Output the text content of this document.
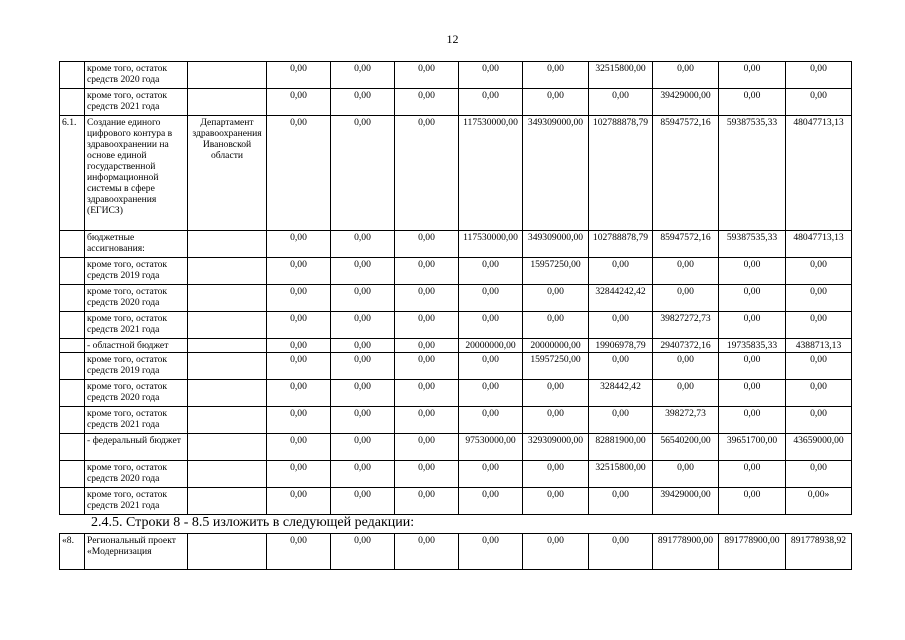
12
	кроме того, остаток средств 2020 года		0,00	0,00	0,00	0,00	0,00	32515800,00	0,00	0,00	0,00
	кроме того, остаток средств 2021 года		0,00	0,00	0,00	0,00	0,00	0,00	39429000,00	0,00	0,00
6.1.	Создание единого цифрового контура в здравоохранении на основе единой государственной информационной системы в сфере здравоохранения (ЕГИСЗ)	Департамент здравоохранения Ивановской области	0,00	0,00	0,00	117530000,00	349309000,00	102788878,79	85947572,16	59387535,33	48047713,13
	бюджетные ассигнования:		0,00	0,00	0,00	117530000,00	349309000,00	102788878,79	85947572,16	59387535,33	48047713,13
	кроме того, остаток средств 2019 года		0,00	0,00	0,00	0,00	15957250,00	0,00	0,00	0,00	0,00
	кроме того, остаток средств 2020 года		0,00	0,00	0,00	0,00	0,00	32844242,42	0,00	0,00	0,00
	кроме того, остаток средств 2021 года		0,00	0,00	0,00	0,00	0,00	0,00	39827272,73	0,00	0,00
	- областной бюджет		0,00	0,00	0,00	20000000,00	20000000,00	19906978,79	29407372,16	19735835,33	4388713,13
	кроме того, остаток средств 2019 года		0,00	0,00	0,00	0,00	15957250,00	0,00	0,00	0,00	0,00
	кроме того, остаток средств 2020 года		0,00	0,00	0,00	0,00	0,00	328442,42	0,00	0,00	0,00
	кроме того, остаток средств 2021 года		0,00	0,00	0,00	0,00	0,00	0,00	398272,73	0,00	0,00
	- федеральный бюджет		0,00	0,00	0,00	97530000,00	329309000,00	82881900,00	56540200,00	39651700,00	43659000,00
	кроме того, остаток средств 2020 года		0,00	0,00	0,00	0,00	0,00	32515800,00	0,00	0,00	0,00
	кроме того, остаток средств 2021 года		0,00	0,00	0,00	0,00	0,00	0,00	39429000,00	0,00	0,00»
2.4.5. Строки 8 - 8.5 изложить в следующей редакции:
«8.	Региональный проект «Модернизация		0,00	0,00	0,00	0,00	0,00	0,00	891778900,00	891778900,00	891778938,92
